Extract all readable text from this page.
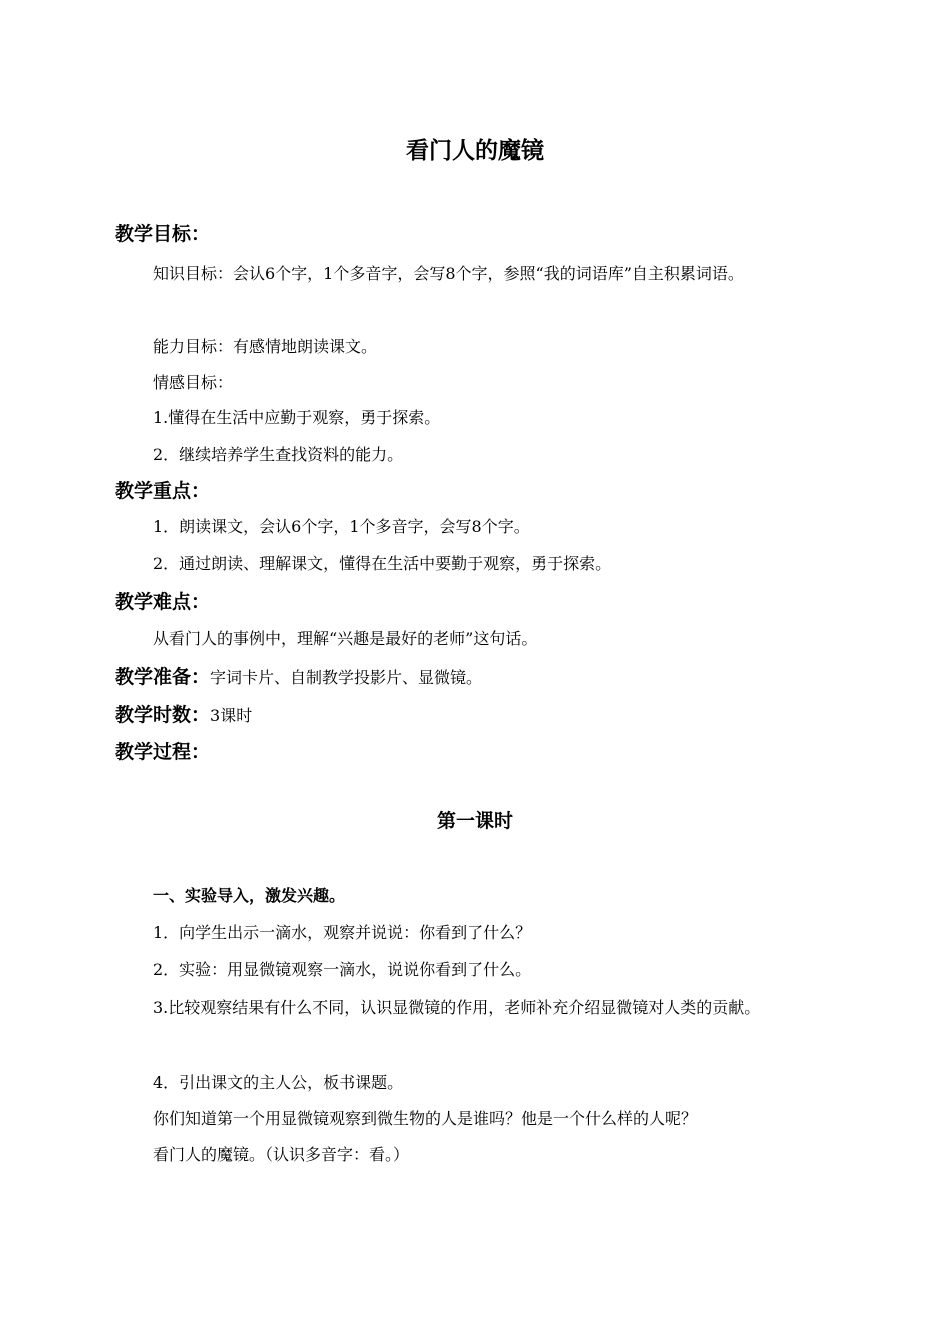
看门人的魔镜
教学目标：
知识目标：会认6个字，1个多音字，会写8个字，参照“我的词语库”自主积累词语。
能力目标：有感情地朗读课文。
情感目标：
1.懂得在生活中应勤于观察，勇于探索。
2．继续培养学生查找资料的能力。
教学重点：
1．朗读课文，会认6个字，1个多音字，会写8个字。
2．通过朗读、理解课文，懂得在生活中要勤于观察，勇于探索。
教学难点：
从看门人的事例中，理解“兴趣是最好的老师”这句话。
教学准备：字词卡片、自制教学投影片、显微镜。
教学时数：3课时
教学过程：
第一课时
一、实验导入，激发兴趣。
1．向学生出示一滴水，观察并说说：你看到了什么？
2．实验：用显微镜观察一滴水，说说你看到了什么。
3.比较观察结果有什么不同，认识显微镜的作用，老师补充介绍显微镜对人类的贡献。
4．引出课文的主人公，板书课题。
你们知道第一个用显微镜观察到微生物的人是谁吗？他是一个什么样的人呢？
看门人的魔镜。（认识多音字：看。）
